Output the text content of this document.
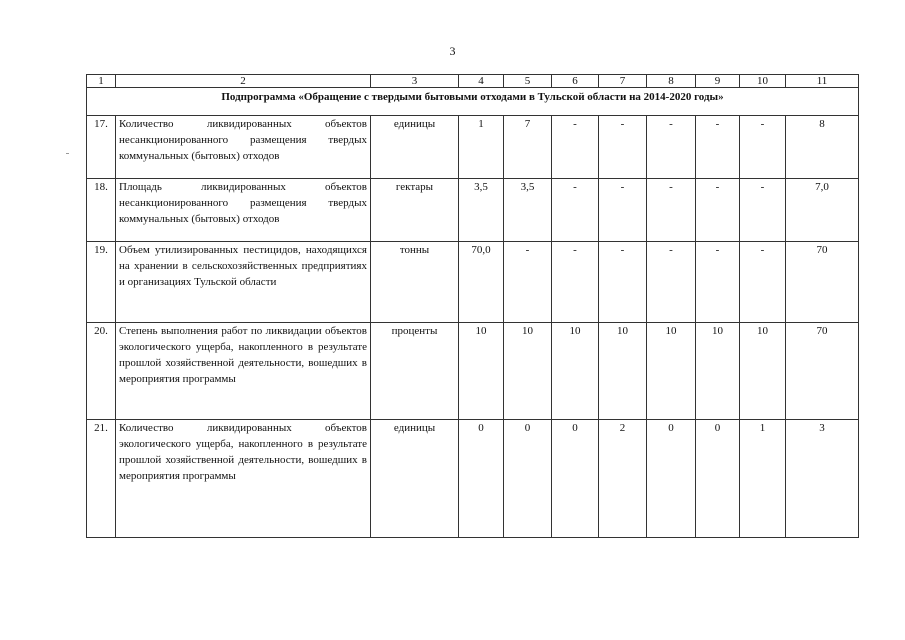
3
1	2	3	4	5	6	7	8	9	10	11
Подпрограмма «Обращение с твердыми бытовыми отходами в Тульской области на 2014-2020 годы»										
17.	Количество ликвидированных объектов несанкционированного размещения твердых коммунальных (бытовых) отходов	единицы	1	7	-	-	-	-	-	8
18.	Площадь ликвидированных объектов несанкционированного размещения твердых коммунальных (бытовых) отходов	гектары	3,5	3,5	-	-	-	-	-	7,0
19.	Объем утилизированных пестицидов, находящихся на хранении в сельскохозяйственных предприятиях и организациях Тульской области	тонны	70,0	-	-	-	-	-	-	70
20.	Степень выполнения работ по ликвидации объектов экологического ущерба, накопленного в результате прошлой хозяйственной деятельности, вошедших в мероприятия программы	проценты	10	10	10	10	10	10	10	70
21.	Количество ликвидированных объектов экологического ущерба, накопленного в результате прошлой хозяйственной деятельности, вошедших в мероприятия программы	единицы	0	0	0	2	0	0	1	3
